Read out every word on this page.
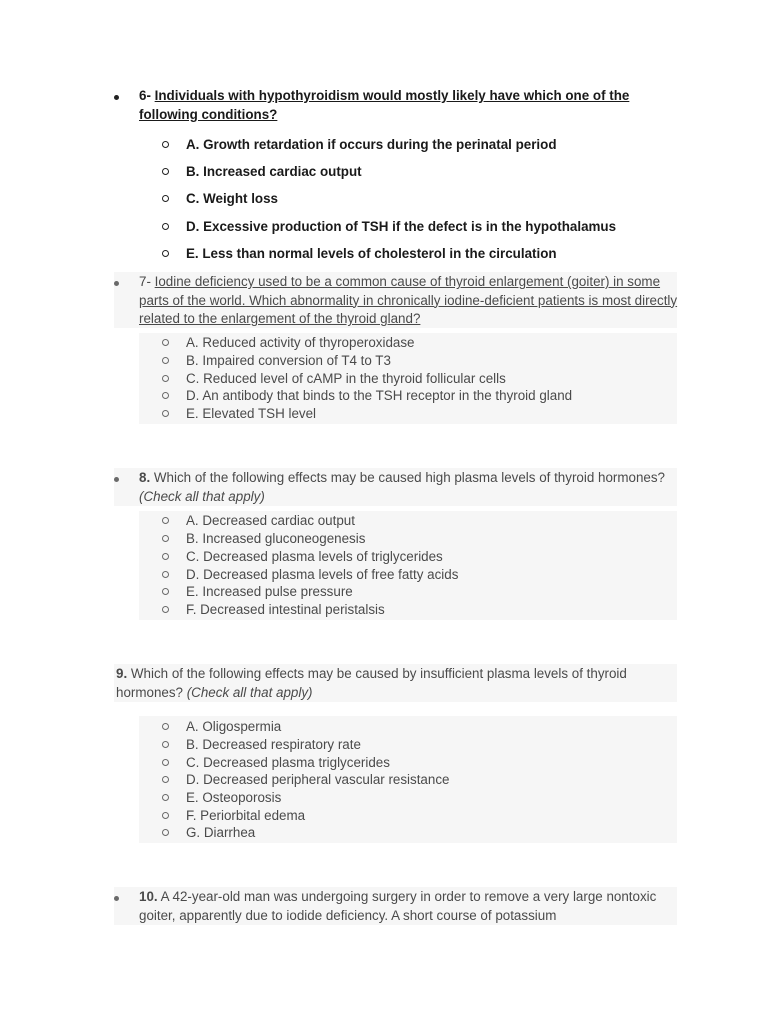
6- Individuals with hypothyroidism would mostly likely have which one of the following conditions?
A. Growth retardation if occurs during the perinatal period
B. Increased cardiac output
C. Weight loss
D. Excessive production of TSH if the defect is in the hypothalamus
E. Less than normal levels of cholesterol in the circulation
7- Iodine deficiency used to be a common cause of thyroid enlargement (goiter) in some parts of the world. Which abnormality in chronically iodine-deficient patients is most directly related to the enlargement of the thyroid gland?
A. Reduced activity of thyroperoxidase
B. Impaired conversion of T4 to T3
C. Reduced level of cAMP in the thyroid follicular cells
D. An antibody that binds to the TSH receptor in the thyroid gland
E. Elevated TSH level
8. Which of the following effects may be caused high plasma levels of thyroid hormones? (Check all that apply)
A. Decreased cardiac output
B. Increased gluconeogenesis
C. Decreased plasma levels of triglycerides
D. Decreased plasma levels of free fatty acids
E. Increased pulse pressure
F. Decreased intestinal peristalsis
9. Which of the following effects may be caused by insufficient plasma levels of thyroid hormones? (Check all that apply)
A. Oligospermia
B. Decreased respiratory rate
C. Decreased plasma triglycerides
D. Decreased peripheral vascular resistance
E. Osteoporosis
F. Periorbital edema
G. Diarrhea
10. A 42-year-old man was undergoing surgery in order to remove a very large nontoxic goiter, apparently due to iodide deficiency. A short course of potassium
